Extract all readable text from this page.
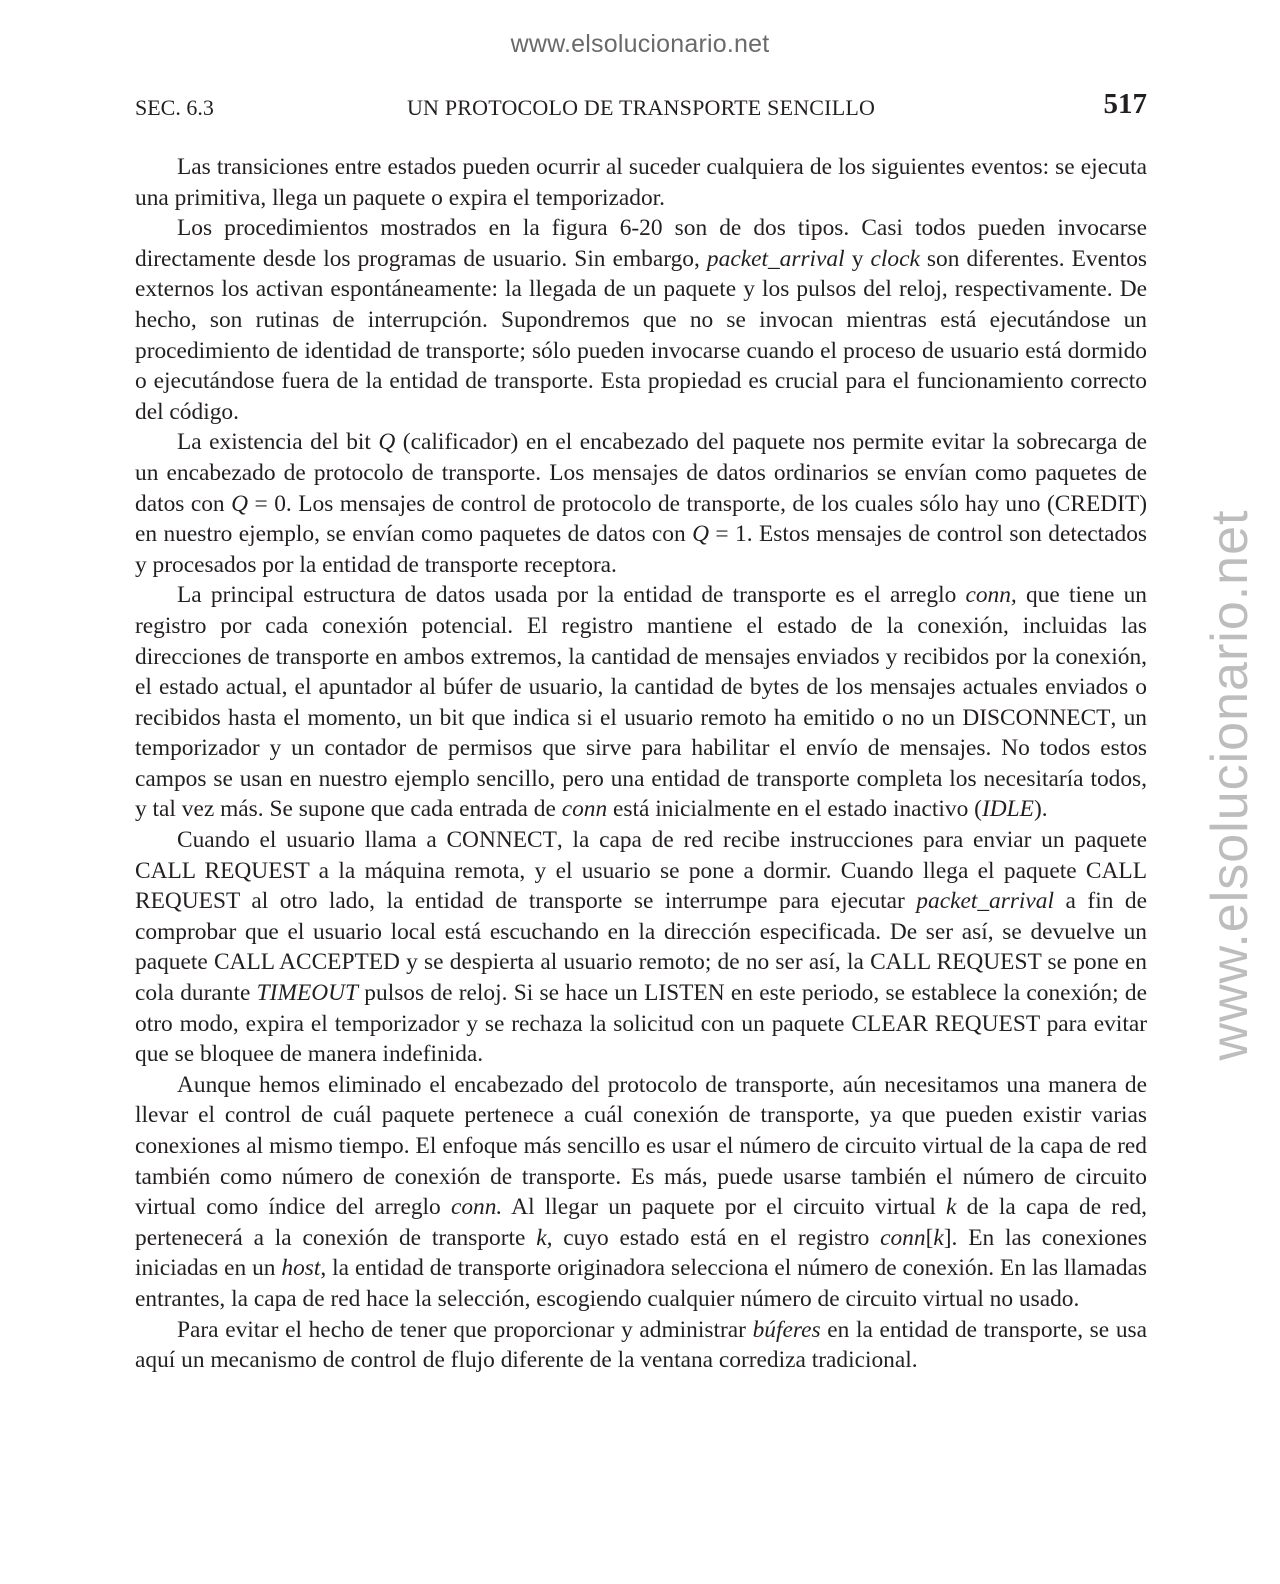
www.elsolucionario.net
www.elsolucionario.net
SEC. 6.3	UN PROTOCOLO DE TRANSPORTE SENCILLO	517

Las transiciones entre estados pueden ocurrir al suceder cualquiera de los siguientes eventos: se ejecuta una primitiva, llega un paquete o expira el temporizador.

Los procedimientos mostrados en la figura 6-20 son de dos tipos. Casi todos pueden invocarse directamente desde los programas de usuario. Sin embargo, packet_arrival y clock son diferentes. Eventos externos los activan espontáneamente: la llegada de un paquete y los pulsos del reloj, respectivamente. De hecho, son rutinas de interrupción. Supondremos que no se invocan mientras está ejecutándose un procedimiento de identidad de transporte; sólo pueden invocarse cuando el proceso de usuario está dormido o ejecutándose fuera de la entidad de transporte. Esta propiedad es crucial para el funcionamiento correcto del código.

La existencia del bit Q (calificador) en el encabezado del paquete nos permite evitar la sobrecarga de un encabezado de protocolo de transporte. Los mensajes de datos ordinarios se envían como paquetes de datos con Q = 0. Los mensajes de control de protocolo de transporte, de los cuales sólo hay uno (CREDIT) en nuestro ejemplo, se envían como paquetes de datos con Q = 1. Estos mensajes de control son detectados y procesados por la entidad de transporte receptora.

La principal estructura de datos usada por la entidad de transporte es el arreglo conn, que tiene un registro por cada conexión potencial. El registro mantiene el estado de la conexión, incluidas las direcciones de transporte en ambos extremos, la cantidad de mensajes enviados y recibidos por la conexión, el estado actual, el apuntador al búfer de usuario, la cantidad de bytes de los mensajes actuales enviados o recibidos hasta el momento, un bit que indica si el usuario remoto ha emitido o no un DISCONNECT, un temporizador y un contador de permisos que sirve para habilitar el envío de mensajes. No todos estos campos se usan en nuestro ejemplo sencillo, pero una entidad de transporte completa los necesitaría todos, y tal vez más. Se supone que cada entrada de conn está inicialmente en el estado inactivo (IDLE).

Cuando el usuario llama a CONNECT, la capa de red recibe instrucciones para enviar un paquete CALL REQUEST a la máquina remota, y el usuario se pone a dormir. Cuando llega el paquete CALL REQUEST al otro lado, la entidad de transporte se interrumpe para ejecutar packet_arrival a fin de comprobar que el usuario local está escuchando en la dirección especificada. De ser así, se devuelve un paquete CALL ACCEPTED y se despierta al usuario remoto; de no ser así, la CALL REQUEST se pone en cola durante TIMEOUT pulsos de reloj. Si se hace un LISTEN en este periodo, se establece la conexión; de otro modo, expira el temporizador y se rechaza la solicitud con un paquete CLEAR REQUEST para evitar que se bloquee de manera indefinida.

Aunque hemos eliminado el encabezado del protocolo de transporte, aún necesitamos una manera de llevar el control de cuál paquete pertenece a cuál conexión de transporte, ya que pueden existir varias conexiones al mismo tiempo. El enfoque más sencillo es usar el número de circuito virtual de la capa de red también como número de conexión de transporte. Es más, puede usarse también el número de circuito virtual como índice del arreglo conn. Al llegar un paquete por el circuito virtual k de la capa de red, pertenecerá a la conexión de transporte k, cuyo estado está en el registro conn[k]. En las conexiones iniciadas en un host, la entidad de transporte originadora selecciona el número de conexión. En las llamadas entrantes, la capa de red hace la selección, escogiendo cualquier número de circuito virtual no usado.

Para evitar el hecho de tener que proporcionar y administrar búferes en la entidad de transporte, se usa aquí un mecanismo de control de flujo diferente de la ventana corrediza tradicional.
